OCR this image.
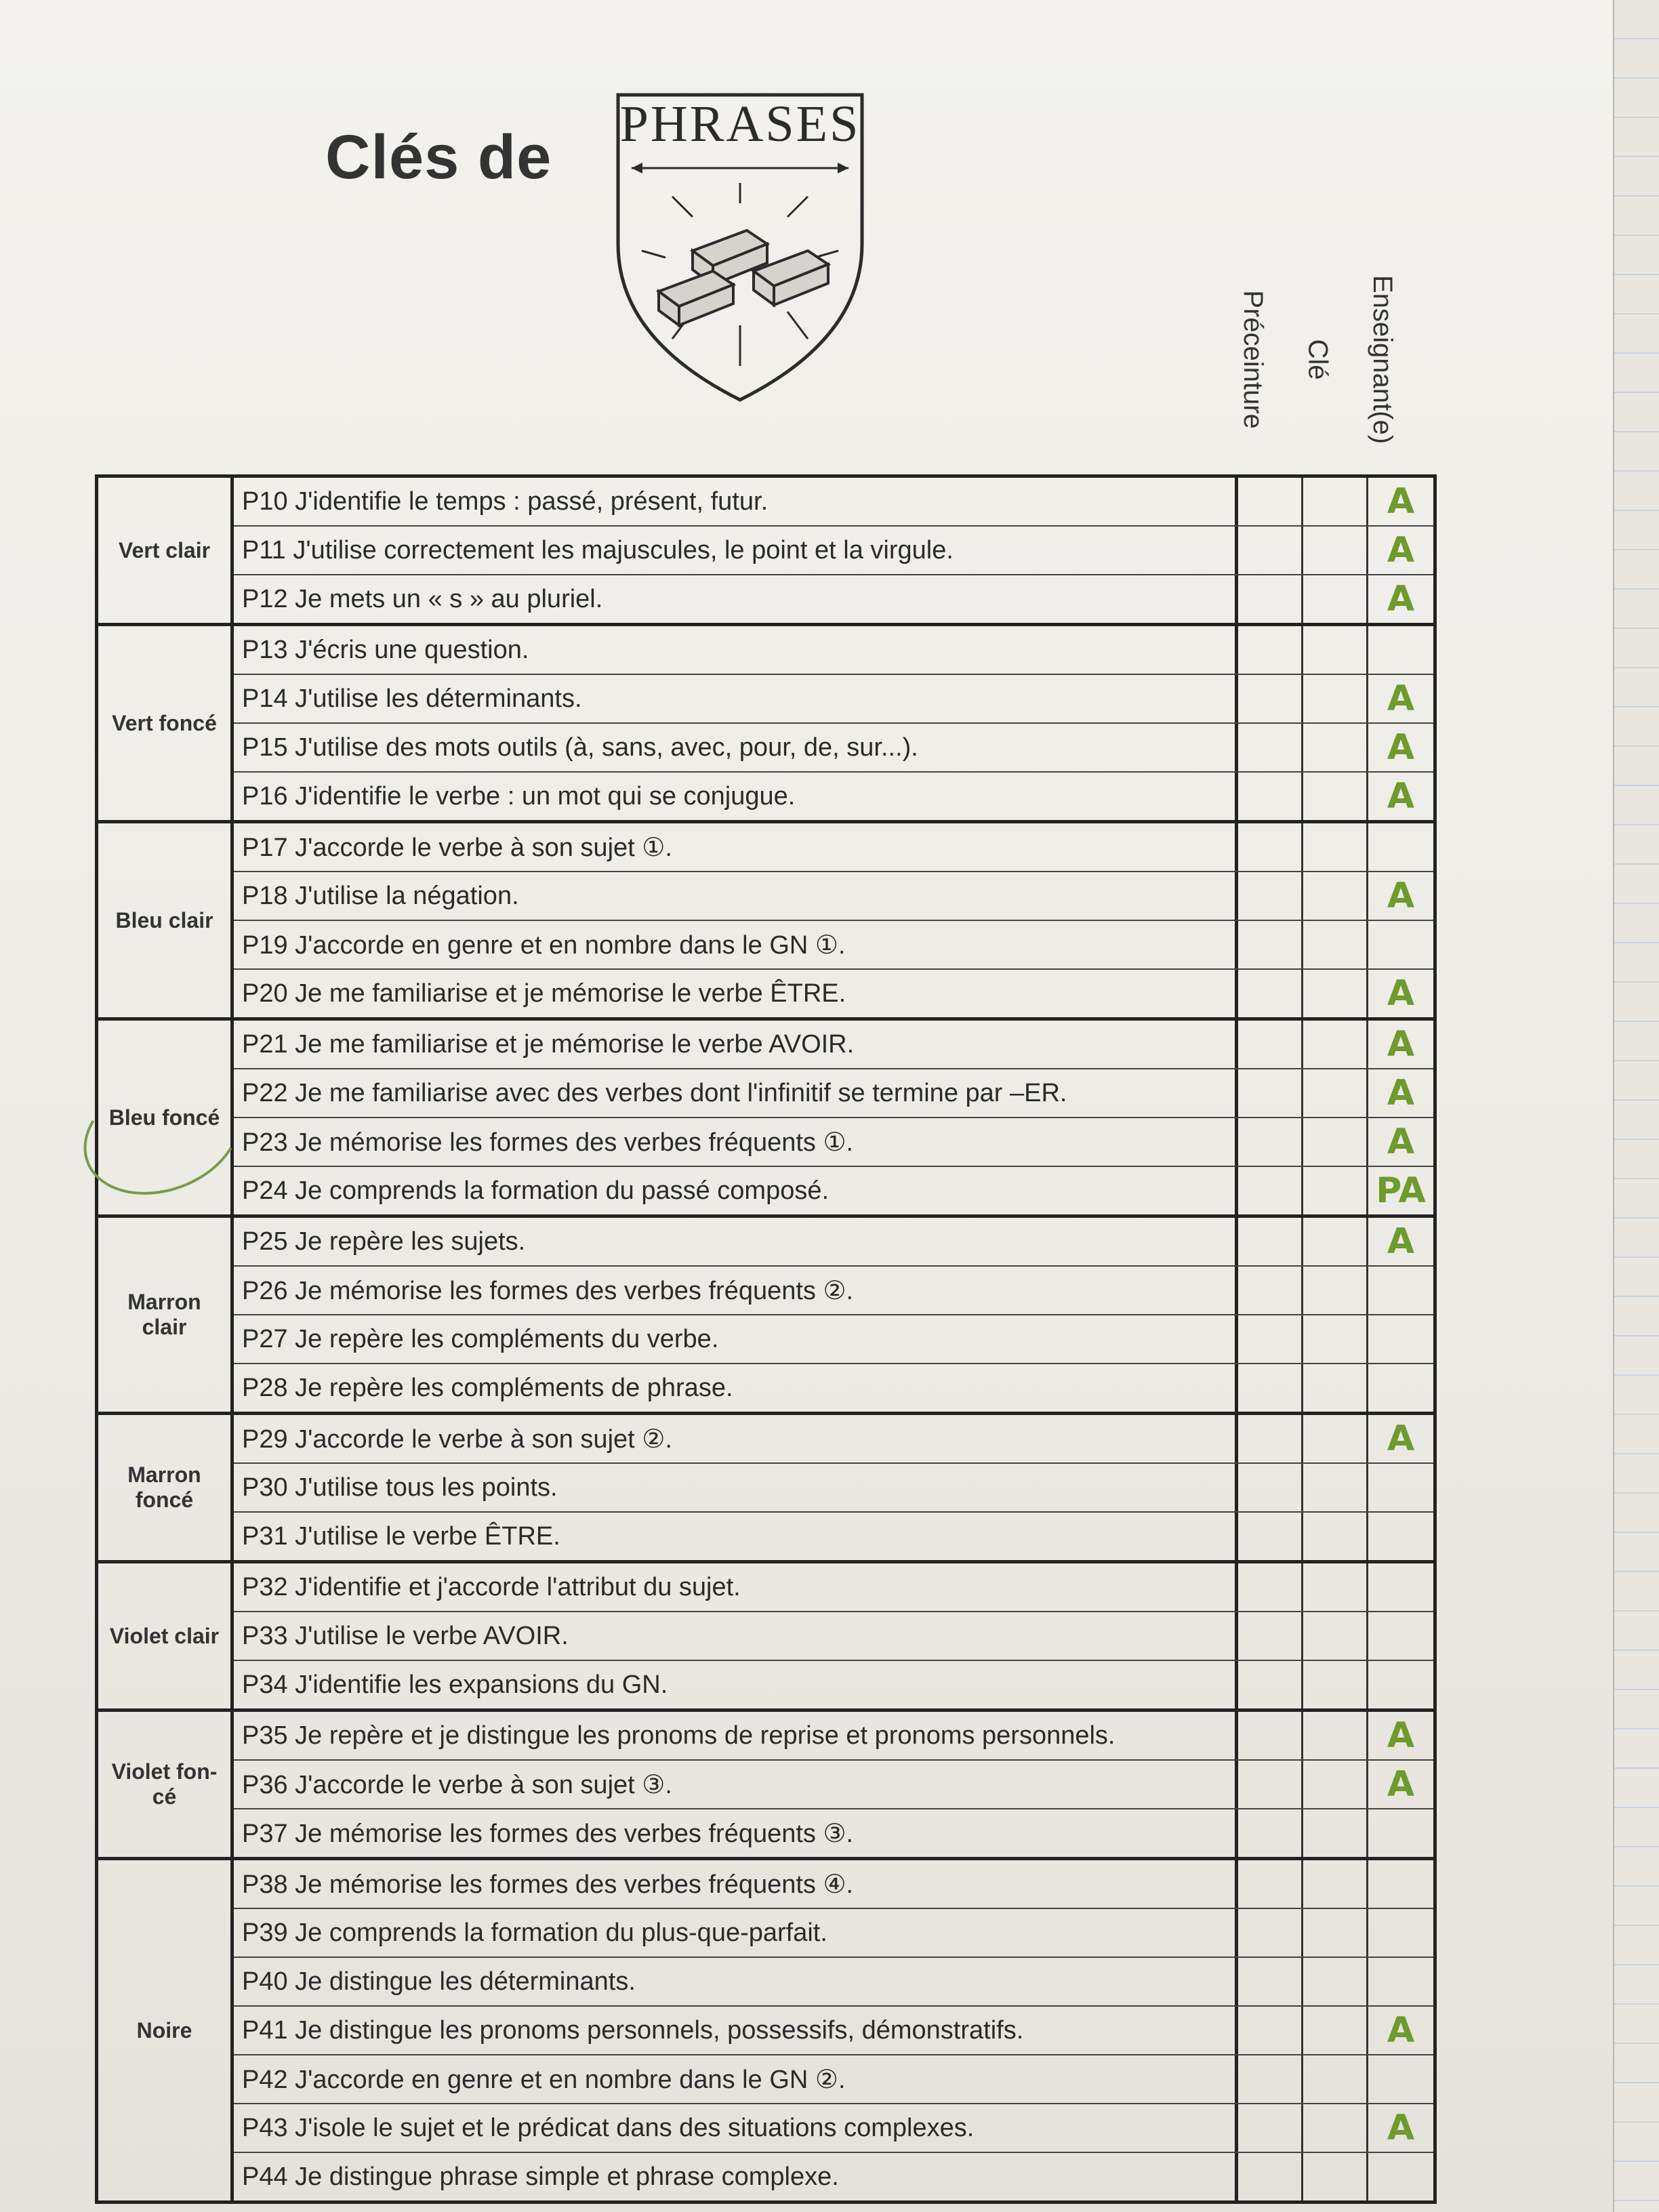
Clés de PHRASES
Préceinture Clé Enseignant(e)
Vert clair
P10 J'identifie le temps : passé, présent, futur.	A
P11 J'utilise correctement les majuscules, le point et la virgule.	A
P12 Je mets un « s » au pluriel.	A
Vert foncé
P13 J'écris une question.
P14 J'utilise les déterminants.	A
P15 J'utilise des mots outils (à, sans, avec, pour, de, sur...).	A
P16 J'identifie le verbe : un mot qui se conjugue.	A
Bleu clair
P17 J'accorde le verbe à son sujet ①.
P18 J'utilise la négation.	A
P19 J'accorde en genre et en nombre dans le GN ①.
P20 Je me familiarise et je mémorise le verbe ÊTRE.	A
Bleu foncé
P21 Je me familiarise et je mémorise le verbe AVOIR.	A
P22 Je me familiarise avec des verbes dont l'infinitif se termine par –ER.	A
P23 Je mémorise les formes des verbes fréquents ①.	A
P24 Je comprends la formation du passé composé.	PA
Marron clair
P25 Je repère les sujets.	A
P26 Je mémorise les formes des verbes fréquents ②.
P27 Je repère les compléments du verbe.
P28 Je repère les compléments de phrase.
Marron foncé
P29 J'accorde le verbe à son sujet ②.	A
P30 J'utilise tous les points.
P31 J'utilise le verbe ÊTRE.
Violet clair
P32 J'identifie et j'accorde l'attribut du sujet.
P33 J'utilise le verbe AVOIR.
P34 J'identifie les expansions du GN.
Violet fon-cé
P35 Je repère et je distingue les pronoms de reprise et pronoms personnels.	A
P36 J'accorde le verbe à son sujet ③.	A
P37 Je mémorise les formes des verbes fréquents ③.
Noire
P38 Je mémorise les formes des verbes fréquents ④.
P39 Je comprends la formation du plus-que-parfait.
P40 Je distingue les déterminants.
P41 Je distingue les pronoms personnels, possessifs, démonstratifs.	A
P42 J'accorde en genre et en nombre dans le GN ②.
P43 J'isole le sujet et le prédicat dans des situations complexes.	A
P44 Je distingue phrase simple et phrase complexe.
